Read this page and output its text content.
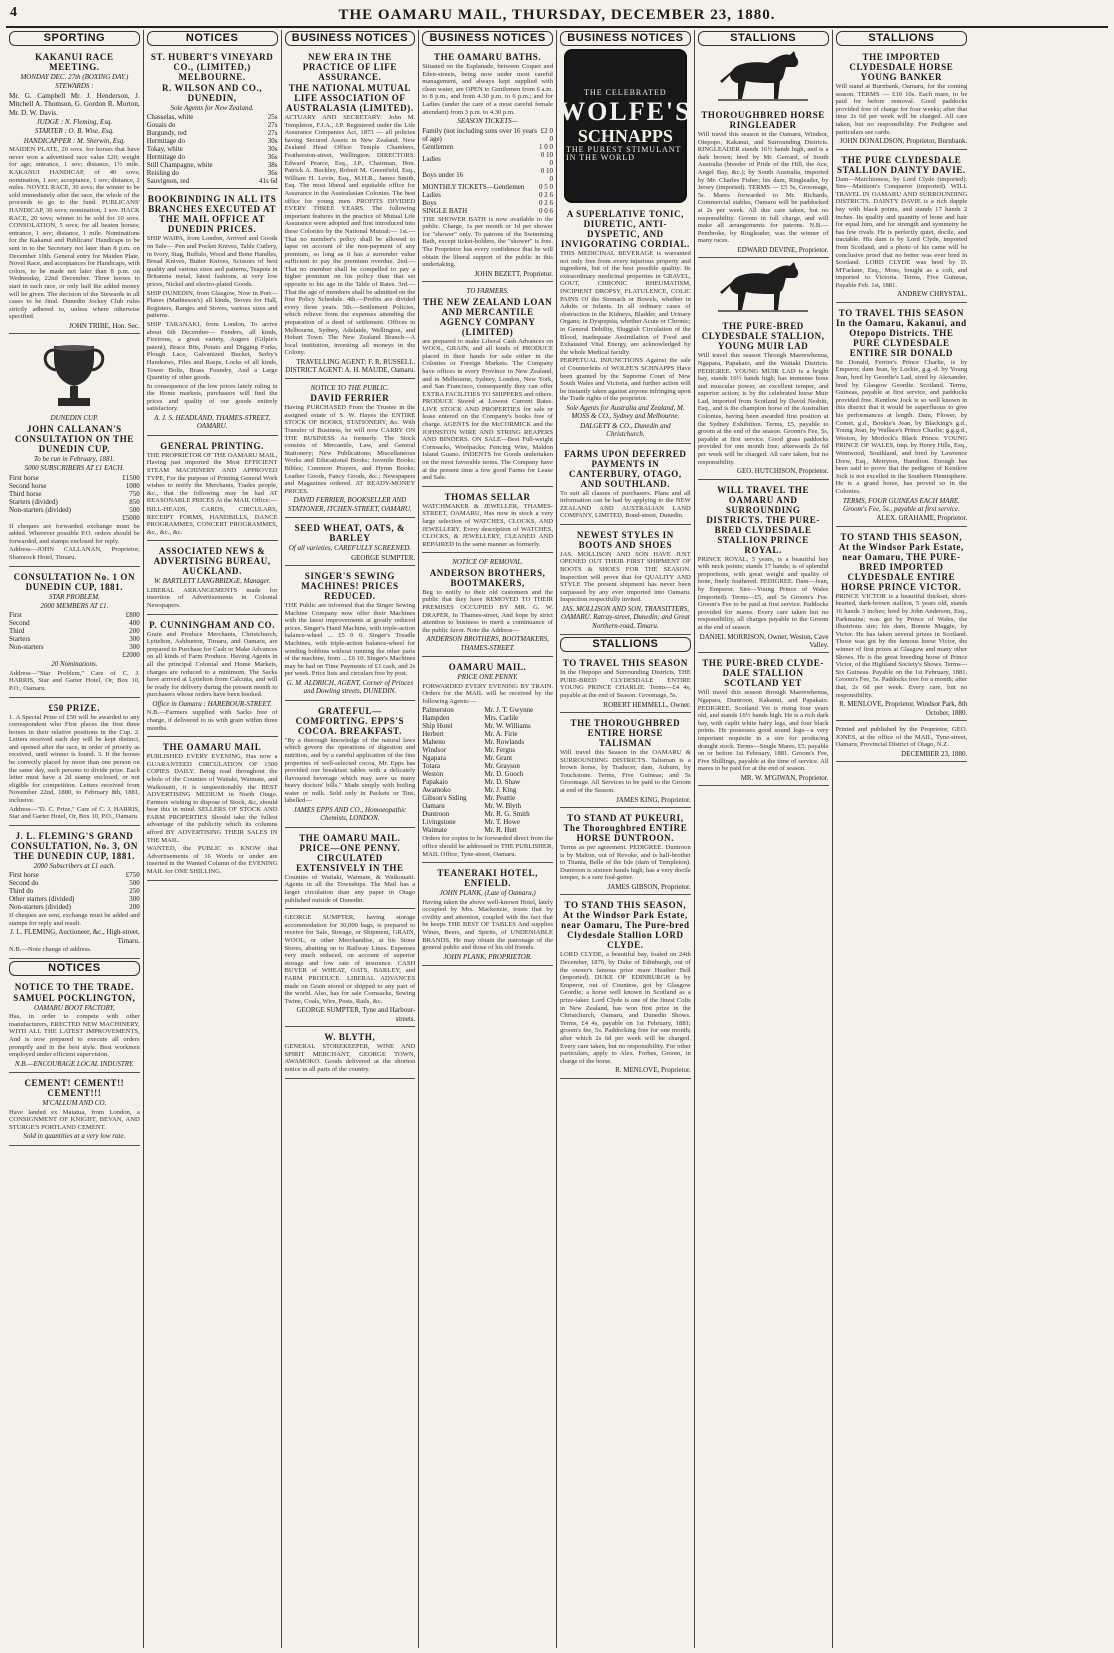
4	THE OAMARU MAIL, THURSDAY, DECEMBER 23, 1880.
SPORTING
KAKANUI RACE MEETING.
MONDAY DEC. 27th (BOXING DAY.)
STEWARDS :

Mr. G. Campbell Mr. J. Henderson, J. Mitchell A. Thomson, G. Gordon R. Morton, Mr. D. W. Davis.

JUDGE : N. Fleming, Esq.
STARTER : O. B. Wise, Esq.
HANDICAPPER : M. Sherwin, Esq.

MAIDEN PLATE, 20 sovs. for horses that have never won a advertised race value £20; weight for age; entrance, 1 sov; distance, 1½ mile. KAKANUI HANDICAP, of 40 sovs; nomination, 1 sov; acceptance, 1 sov; distance, 2 miles. NOVEL RACE, 30 sovs; the winner to be sold immediately after the race, the whole of the proceeds to go to the fund. PUBLICANS' HANDICAP, 30 sovs; nomination, 1 sov. HACK RACE, 20 sovs; winner to be sold for 10 sovs. CONSOLATION, 5 sovs; for all beaten horses; entrance, 1 sov; distance, 1 mile. Nominations for the Kakanui and Publicans' Handicaps to be sent in to the Secretary not later than 8 p.m. on December 10th. General entry for Maiden Plate, Novel Race, and acceptances for Handicaps, with colors, to be made not later than 8 p.m. on Wednesday, 22nd December. Three horses to start in each race, or only half the added money will be given. The decision of the Stewards in all cases to be final. Dunedin Jockey Club rules strictly adhered to, unless where otherwise specified.

JOHN TRIBE, Hon. Sec.
DUNEDIN CUP.
JOHN CALLANAN'S CONSULTATION ON THE DUNEDIN CUP.
To be run in February, 1881.
5000 SUBSCRIBERS AT £1 EACH.
First horse	£1500
Second horse	1000
Third horse	750
Starters (divided)	850
Non-starters (divided)	500
	£5000

If cheques are forwarded exchange must be added. Wherever possible P.O. orders should be forwarded, and stamps enclosed for reply.

Address—JOHN CALLANAN, Proprietor, Shamrock Hotel, Timaru.

CONSULTATION No. 1 ON DUNEDIN CUP, 1881.
STAR PROBLEM.
2000 MEMBERS AT £1.
First	£800
Second	400
Third	200
Starters	300
Non-starters	300
	£2000
20 Nominations.

Address—"Star Problem," Care of C. J. HARRIS, Star and Garter Hotel, Or, Box 10, P.O., Oamaru.

£50 PRIZE.

1. A Special Prize of £50 will be awarded to any correspondent who First places the first three horses in their relative positions in the Cup. 2. Letters received each day will be kept distinct, and opened after the race, in order of priority as received, until winner is found. 3. If the horses be correctly placed by more than one person on the same day, such persons to divide prize. Each letter must have a 2d stamp enclosed, or not eligible for competition. Letters received from November 22nd, 1880, to February 8th, 1881, inclusive.

Address—"D. C. Prize," Care of C. J. HARRIS, Star and Garter Hotel, Or, Box 10, P.O., Oamaru.

J. L. FLEMING'S GRAND CONSULTATION, No. 3, ON THE DUNEDIN CUP, 1881.
2000 Subscribers at £1 each.
First horse	£750
Second do	500
Third do	250
Other starters (divided)	300
Non-starters (divided)	200

If cheques are sent, exchange must be added and stamps for reply and result.

J. L. FLEMING, Auctioneer, &c., High-street, Timaru.

N.B.—Note change of address.

NOTICES
NOTICE TO THE TRADE.
SAMUEL POCKLINGTON,
OAMARU BOOT FACTORY,

Has, in order to compete with other manufacturers, ERECTED NEW MACHINERY, WITH ALL THE LATEST IMPROVEMENTS, And is now prepared to execute all orders promptly and in the best style. Best workmen employed under efficient supervision.

N.B.—ENCOURAGE LOCAL INDUSTRY.
CEMENT! CEMENT!! CEMENT!!!
M'CALLUM AND CO.

Have landed ex Matatua, from London, a CONSIGNMENT OF KNIGHT, BEVAN, AND STURGE'S PORTLAND CEMENT.

Sold in quantities at a very low rate.
NOTICES
ST. HUBERT'S VINEYARD CO., (LIMITED,) MELBOURNE.
R. WILSON AND CO., DUNEDIN,
Sole Agents for New Zealand.
Chasselas, white	25s
Gouais do	27s
Burgundy, red	27s
Hermitage do	30s
Tokay, white	30s
Hermitage do	36s
Still Champagne, white	38s
Reisling do	36s
Sauvignon, red	41s 6d
BOOKBINDING IN ALL ITS BRANCHES EXECUTED AT THE MAIL OFFICE AT DUNEDIN PRICES.

SHIP WAIPA, from London, Arrived and Goods on Sale— Pen and Pocket Knives, Table Cutlery, in Ivory, Stag, Buffalo, Wood and Bone Handles, Bread Knives, Butter Knives, Scissors of best quality and various sizes and patterns, Teapots in Britannia metal, latest fashions, at very low prices, Nickel and electro-plated Goods.

SHIP DUNEDIN, from Glasgow, Now in Port— Planes (Mathieson's) all kinds, Stoves for Hall, Registers, Ranges and Stoves, various sizes and patterns.

SHIP TARANAKI, from London, To arrive about 6th December— Fenders, all kinds, Fireirons, a great variety, Augers (Gilpin's patent), Brace Bits, Potato and Digging Forks, Plough Lace, Galvanized Bucket, Serby's Handsaws, Files and Rasps, Locks of all kinds, Tower Bolts, Brass Foundry, And a Large Quantity of other goods.

In consequence of the low prices lately ruling in the Home markets, purchasers will find the prices and quality of our goods entirely satisfactory.

A. J. S. HEADLAND, THAMES-STREET, OAMARU.
GENERAL PRINTING.

THE PROPRIETOR OF THE OAMARU MAIL, Having just imported the Most EFFICIENT STEAM MACHINERY AND APPROVED TYPE, For the purpose of Printing General Work wishes to notify the Merchants, Trades people, &c., that the following may be had AT REASONABLE PRICES At the MAIL Office:—

BILL-HEADS, CARDS, CIRCULARS, RECEIPT FORMS, HANDBILLS, DANCE PROGRAMMES, CONCERT PROGRAMMES, &c., &c., &c.

ASSOCIATED NEWS & ADVERTISING BUREAU, AUCKLAND.
W. BARTLETT LANGBRIDGE, Manager.

LIBERAL ARRANGEMENTS made for insertion of Advertisements in Colonial Newspapers.

P. CUNNINGHAM AND CO.

Grain and Produce Merchants, Christchurch, Lyttelton, Ashburton, Timaru, and Oamaru, are prepared to Purchase for Cash or Make Advances on all kinds of Farm Produce. Having Agents in all the principal Colonial and Home Markets, charges are reduced to a minimum. The Sacks have arrived at Lyttelton from Calcutta, and will be ready for delivery during the present month to purchasers whose orders have been booked.

Office in Oamaru : HAREBOUR-STREET.

N.B.—Farmers supplied with Sacks free of charge, if delivered to us with grain within three months.

THE OAMARU MAIL

PUBLISHED EVERY EVENING, Has now a GUARANTEED CIRCULATION OF 1500 COPIES DAILY. Being read throughout the whole of the Counties of Waitaki, Waimate, and Waikouaiti, it is unquestionably the BEST ADVERTISING MEDIUM in North Otago. Farmers wishing to dispose of Stock, &c, should bear this in mind. SELLERS OF STOCK AND FARM PROPERTIES Should take the fullest advantage of the publicity which its columns afford BY ADVERTISING THEIR SALES IN THE MAIL.

WANTED, the PUBLIC to KNOW that Advertisements of 16 Words or under are inserted in the Wanted Column of the EVENING MAIL for ONE SHILLING.

BUSINESS NOTICES
NEW ERA IN THE PRACTICE OF LIFE ASSURANCE.
THE NATIONAL MUTUAL LIFE ASSOCIATION OF AUSTRALASIA (LIMITED).

ACTUARY AND SECRETARY: John M. Templeton, F.I.A., J.P. Registered under the Life Assurance Companies Act, 1873 — all policies having Secured Assets in New Zealand. New Zealand Head Office: Temple Chambers, Featherston-street, Wellington. DIRECTORS: Edward Pearce, Esq., J.P., Chairman, Hon. Patrick A. Buckley, Robert M. Greenfield, Esq., William H. Levin, Esq., M.H.R., James Smith, Esq. The most liberal and equitable office for Assurance in the Australasian Colonies. The best office for young men. PROFITS DIVIDED EVERY THREE YEARS. The following important features in the practice of Mutual Life Assurance were adopted and first introduced into these Colonies by the National Mutual:— 1st.—That no member's policy shall be allowed to lapse on account of the non-payment of any premium, so long as it has a surrender value sufficient to pay the premium overdue. 2nd.—That no member shall be compelled to pay a higher premium on his policy than that set opposite to his age in the Table of Rates. 3rd.—That the age of members shall be admitted on the first Policy Schedule. 4th.—Profits are divided every three years. 5th.—Settlement Policies, which relieve from the expenses attending the preparation of a deed of settlement. Offices in Melbourne, Sydney, Adelaide, Wellington, and Hobart Town. The New Zealand Branch—A local institution, investing all moneys in the Colony.

TRAVELLING AGENT: F. R. RUSSELL. DISTRICT AGENT: A. H. MAUDE, Oamaru.
NOTICE TO THE PUBLIC.
DAVID FERRIER

Having PURCHASED From the Trustee in the assigned estate of S. W. Hayes the ENTIRE STOCK OF BOOKS, STATIONERY, &c. With Transfer of Business, he will now CARRY ON THE BUSINESS As formerly. The Stock consists of Mercantile, Law, and General Stationery; New Publications; Miscellaneous Works and Educational Books; Juvenile Books; Bibles; Common Prayers, and Hymn Books; Leather Goods, Fancy Goods, &c.; Newspapers and Magazines ordered. AT READY-MONEY PRICES.

DAVID FERRIER, BOOKSELLER AND STATIONER, ITCHEN-STREET, OAMARU.
SEED WHEAT, OATS, & BARLEY
Of all varieties, CAREFULLY SCREENED.
GEORGE SUMPTER.
SINGER'S SEWING MACHINES! PRICES REDUCED.

THE Public are informed that the Singer Sewing Machine Company now offer their Machines with the latest improvements at greatly reduced prices. Singer's Hand Machine, with triple-action balance-wheel ... £5 0 0. Singer's Treadle Machines, with triple-action balance-wheel for winding bobbins without running the other parts of the machine, from ... £6 10. Singer's Machines may be had on Time Payments of £1 cash, and 2s per week. Price lists and circulars free by post.

G. M. ALDRICH, AGENT, Corner of Princes and Dowling streets, DUNEDIN.
GRATEFUL—COMFORTING. EPPS'S COCOA. BREAKFAST.

"By a thorough knowledge of the natural laws which govern the operations of digestion and nutrition, and by a careful application of the fine properties of well-selected cocoa, Mr. Epps has provided our breakfast tables with a delicately flavoured beverage which may save us many heavy doctors' bills." Made simply with boiling water or milk. Sold only in Packets or Tins, labelled—

JAMES EPPS AND CO., Homoeopathic Chemists, LONDON.
THE OAMARU MAIL. PRICE—ONE PENNY. CIRCULATED EXTENSIVELY IN THE

Counties of Waitaki, Waimate, & Waikouaiti. Agents in all the Townships. The Mail has a larger circulation than any paper in Otago published outside of Dunedin.

GEORGE SUMPTER, having storage accommodation for 30,000 bags, is prepared to receive for Sale, Storage, or Shipment, GRAIN, WOOL, or other Merchandise, at his Stone Stores, abutting on to Railway Lines. Expenses very much reduced, on account of superior storage and low rate of insurance. CASH BUYER of WHEAT, OATS, BARLEY, and FARM PRODUCE. LIBERAL ADVANCES made on Grain stored or shipped to any part of the world. Also, has for sale Cornsacks, Sewing Twine, Coals, Wire, Posts, Rails, &c.

GEORGE SUMPTER, Tyne and Harbour-streets.
W. BLYTH,

GENERAL STOREKEEPER, WINE AND SPIRIT MERCHANT, GEORGE TOWN, AWAMOKO. Goods delivered at the shortest notice in all parts of the country.

BUSINESS NOTICES
THE OAMARU BATHS.

Situated on the Esplanade, between Coquet and Eden-streets, being now under most careful management, and always kept supplied with clean water, are OPEN to Gentlemen from 6 a.m. to 8 p.m., and from 4.30 p.m. to 6 p.m.; and for Ladies (under the care of a most careful female attendant) from 3 p.m. to 4.30 p.m.

SEASON TICKETS—
Family (not including sons over 16 years of age)	£2 0 0
Gentlemen	1 0 0
Ladies	0 10 0
Boys under 16	0 10 0
MONTHLY TICKETS—Gentlemen	0 5 0
Ladies	0 2 6
Boys	0 2 6
SINGLE BATH	0 0 6

THE SHOWER BATH is now available to the public. Charge, 1s per month or 1d per shower for "shower" only. To patrons of the Swimming Bath, except ticket-holders, the "shower" is free. The Proprietor has every confidence that he will obtain the liberal support of the public in this undertaking.

JOHN BEZETT, Proprietor.
TO FARMERS.
THE NEW ZEALAND LOAN AND MERCANTILE AGENCY COMPANY (LIMITED)

are prepared to make Liberal Cash Advances on WOOL, GRAIN, and all kinds of PRODUCE placed in their hands for sale either in the Colonies or Foreign Markets. The Company have offices in every Province in New Zealand, and in Melbourne, Sydney, London, New York, and San Francisco, consequently they can offer EXTRA FACILITIES TO SHIPPERS and others. PRODUCE Stored at Lowest Current Rates. LIVE STOCK AND PROPERTIES for sale or lease entered on the Company's books free of charge. AGENTS for the McCORMICK and the JOHNSTON WIRE AND STRING REAPERS AND BINDERS. ON SALE—Best Full-weight Cornsacks, Woolpacks; Fencing Wire, Maldon Island Guano. INDENTS for Goods undertaken on the most favorable terms. The Company have at the present time a few good Farms for Lease and Sale.

THOMAS SELLAR

WATCHMAKER & JEWELLER, THAMES-STREET, OAMARU, Has now in stock a very large selection of WATCHES, CLOCKS, AND JEWELLERY. Every description of WATCHES, CLOCKS, & JEWELLERY, CLEANED AND REPAIRED In the same manner as formerly.

NOTICE OF REMOVAL.
ANDERSON BROTHERS, BOOTMAKERS,

Beg to notify to their old customers and the public that they have REMOVED TO THEIR PREMISES OCCUPIED BY MR. G. W. DRAPER, In Thames-street, And hope by strict attention to business to merit a continuance of the public favor. Note the Address—

ANDERSON BROTHERS, BOOTMAKERS, THAMES-STREET.
OAMARU MAIL.
PRICE ONE PENNY.

FORWARDED EVERY EVENING BY TRAIN. Orders for the MAIL will be received by the following Agents:—

Palmerston	Mr. J. T. Gwynne
Hampden	Mrs. Carlile
Ship Hotel	Mr. W. Williams
Herbert	Mr. A. Firie
Maheno	Mr. Rowlands
Windsor	Mr. Fergus
Ngapara	Mr. Grant
Totara	Mr. Grayson
Weston	Mr. D. Gooch
Papakaio	Mr. D. Shaw
Awamoko	Mr. J. King
Gibson's Siding	Mr. Peattie
Oamaru	Mr. W. Blyth
Duntroon	Mr. R. G. Smith
Livingstone	Mr. T. Howe
Waimate	Mr. R. Hutt

Orders for copies to be forwarded direct from the office should be addressed to THE PUBLISHER, MAIL Office, Tyne-street, Oamaru.

TEANERAKI HOTEL, ENFIELD.
JOHN PLANK, (Late of Oamaru,)

Having taken the above well-known Hotel, lately occupied by Mrs. Mackenzie, trusts that by civility and attention, coupled with the fact that he keeps THE BEST OF TABLES And supplies Wines, Beers, and Spirits, of UNDENIABLE BRANDS, He may obtain the patronage of the general public and those of his old friends.

JOHN PLANK, PROPRIETOR.
BUSINESS NOTICES
THE CELEBRATED
WOLFE'S
SCHNAPPS
THE PUREST STIMULANT IN THE WORLD
A SUPERLATIVE TONIC, DIURETIC, ANTI-DYSPETIC, AND INVIGORATING CORDIAL.

THIS MEDICINAL BEVERAGE is warranted not only free from every injurious property and ingredient, but of the best possible quality. Its extraordinary medicinal properties in GRAVEL, GOUT, CHRONIC RHEUMATISM, INCIPIENT DROPSY, FLATULENCE, COLIC PAINS Of the Stomach or Bowels, whether in Adults or Infants. In all ordinary cases of obstruction in the Kidneys, Bladder, and Urinary Organs; in Dyspepsia, whether Acute or Chronic; in General Debility, Sluggish Circulation of the Blood, inadequate Assimilation of Food and Exhausted Vital Energy, are acknowledged by the whole Medical faculty.

PERPETUAL INJUNCTIONS Against the sale of Counterfeits of WOLFE'S SCHNAPPS Have been granted by the Supreme Court of New South Wales and Victoria, and further action will be instantly taken against anyone infringing upon the Trade rights of the proprietor.

Sole Agents for Australia and Zealand, M. MOSS & CO., Sydney and Melbourne.
DALGETY & CO., Dunedin and Christchurch.
FARMS UPON DEFERRED PAYMENTS IN CANTERBURY, OTAGO, AND SOUTHLAND.

To suit all classes of purchasers. Plans and all information can be had by applying to the NEW ZEALAND AND AUSTRALIAN LAND COMPANY, LIMITED, Bond-street, Dunedin.

NEWEST STYLES IN BOOTS AND SHOES

JAS. MOLLISON AND SON HAVE JUST OPENED OUT THEIR FIRST SHIPMENT OF BOOTS & SHOES FOR THE SEASON. Inspection will prove that for QUALITY AND STYLE The present shipment has never been surpassed by any ever imported into Oamaru. Inspection respectfully invited.

JAS. MOLLISON AND SON, TRANSITTERS, OAMARU. Ratray-street, Dunedin; and Great Northern-road, Timaru.
STALLIONS
TO TRAVEL THIS SEASON

In the Otepopo and Surrounding Districts, THE PURE-BRED CLYDESDALE ENTIRE YOUNG PRINCE CHARLIE. Terms—£4 4s, payable at the end of Season. Groomage, 5s.

ROBERT HEMMELL, Owner.
THE THOROUGHBRED ENTIRE HORSE TALISMAN

Will travel this Season in the OAMARU & SURROUNDING DISTRICTS. Talisman is a brown horse, by Traducer, dam, Auburn, by Touchstone. Terms, Five Guineas; and 5s Groomage. All Services to be paid to the Groom at end of the Season.

JAMES KING, Proprietor.
TO STAND AT PUKEURI, The Thoroughbred ENTIRE HORSE DUNTROON.

Terms as per agreement. PEDIGREE. Duntroon is by Malton, out of Revoke, and is half-brother to Titania, Belle of the Isle (dam of Templeton). Duntroon is sixteen hands high, has a very docile temper, is a sure foal-getter.

JAMES GIBSON, Proprietor.
TO STAND THIS SEASON, At the Windsor Park Estate, near Oamaru, The Pure-bred Clydesdale Stallion LORD CLYDE.

LORD CLYDE, a beautiful bay, foaled on 24th December, 1876, by Duke of Edinburgh, out of the owner's famous prize mare Heather Bell (imported). DUKE OF EDINBURGH is by Emperor, out of Countess, got by Glasgow Geordie; a horse well known in Scotland as a prize-taker. Lord Clyde is one of the finest Colts in New Zealand, has won first prize in the Christchurch, Oamaru, and Dunedin Shows. Terms, £4 4s, payable on 1st February, 1881; groom's fee, 5s. Paddocking free for one month; after which 2s 6d per week will be charged. Every care taken, but no responsibility. For other particulars, apply to Alex. Forbes, Groom, in charge of the horse.

R. MENLOVE, Proprietor.
STALLIONS
THOROUGHBRED HORSE RINGLEADER

Will travel this season in the Oamaru, Windsor, Otepopo, Kakanui, and Surrounding Districts. RINGLEADER stands 16½ hands high, and is a dark brown; bred by Mr. Gerrard, of South Australia (breeder of Pride of the Hill, the Ace, Angel Bay, &c.); by South Australia, imported by Mr. Charles Fisher; his dam, Ringleader, by Jersey (imported). TERMS — £5 5s, Groomage, 5s. Mares forwarded to Mr. Richards, Commercial stables, Oamaru will be paddocked at 2s per week. All due care taken, but no responsibility. Groom in full charge, and will make all arrangements for patrons. N.B.—Pembroke, by Ringleader, was the winner of many races.

EDWARD DEVINE, Proprietor.
THE PURE-BRED CLYDESDALE STALLION, YOUNG MUIR LAD

Will travel this season Through Maerewhenua, Ngapara, Papakaio, and the Waitaki Districts. PEDIGREE. YOUNG MUIR LAD is a bright bay, stands 16½ hands high; has immense bone and muscular power, an excellent temper, and superior action; is by the celebrated horse Muir Lad, imported from Scotland by David Nesbitt, Esq., and is the champion horse of the Australian Colonies, having been awarded first position at the Sydney Exhibition. Terms, £5, payable to groom at the end of the season. Groom's Fee, 5s, payable at first service. Good grass paddocks provided for one month free; afterwards 2s 6d per week will be charged. All care taken, but no responsibility.

GEO. HUTCHISON, Proprietor.
WILL TRAVEL THE OAMARU AND SURROUNDING DISTRICTS. THE PURE-BRED CLYDESDALE STALLION PRINCE ROYAL.

PRINCE ROYAL, 5 years, is a beautiful bay with neck points; stands 17 hands; is of splendid proportions, with great weight and quality of bone, finely feathered. PEDIGREE. Dam—Jean, by Emperor. Sire—Young Prince of Wales (imported). Terms—£5, and 5s Groom's Fee. Groom's Fee to be paid at first service. Paddocks provided for mares. Every care taken but no responsibility, all charges payable to the Groom at the end of season.

DANIEL MORRISON, Owner, Weston, Cave Valley.
THE PURE-BRED CLYDE-DALE STALLION SCOTLAND YET

Will travel this season through Maerewhenua, Ngapara, Duntroon, Kakanui, and Papakaio. PEDIGREE. Scotland Yet is rising four years old, and stands 16½ hands high. He is a rich dark bay, with caplit white hairy legs, and four black points. He possesses good sound legs—a very important requisite in a sire for producing draught stock. Terms—Single Mares, £5; payable on or before 1st February, 1881. Groom's Fee, Five Shillings, payable at the time of service. All mares to be paid for at the end of season.

MR. W. M'GIWAN, Proprietor.
STALLIONS
THE IMPORTED CLYDESDALE HORSE YOUNG BANKER

Will stand at Burnbank, Oamaru, for the coming season. TERMS — £10 10s. Each mare, to be paid for before removal. Good paddocks provided free of charge for four weeks; after that time 2s 6d per week will be charged. All care taken, but no responsibility. For Pedigree and particulars see cards.

JOHN DONALDSON, Proprietor, Burnbank.
THE PURE CLYDESDALE STALLION DAINTY DAVIE.

Dam—Marchioness, by Lord Clyde (imported). Sire—Mattison's Conqueror (imported). WILL TRAVEL IN OAMARU AND SURROUNDING DISTRICTS. DAINTY DAVIE is a rich dapple bay with black points, and stands 17 hands 2 inches. Its quality and quantity of bone and hair for equal him, and for strength and symmetry he has few rivals. He is perfectly quiet, docile, and tractable. His dam is by Lord Clyde, imported from Scotland, and a photo of his came will be conclusive proof that no better was ever bred in Scotland. LORD CLYDE was bred by D. M'Farlane, Esq., Moss, bought as a colt, and imported to Victoria. Terms, Five Guineas, Payable Feb. 1st, 1881.

ANDREW CHRYSTAL.
TO TRAVEL THIS SEASON In the Oamaru, Kakanui, and Otepopo Districts. THE PURE CLYDESDALE ENTIRE SIR DONALD

Sir Donald, Ferrier's Prince Charlie, is by Emperor, dam Jean, by Lockie, g.g.-d. by Young Jean, bred by Geordie's Lad, sired by Alexander, bred by Glasgow Geordie. Scotland. Terms, Guineas, payable at first service, and paddocks provided free. Kentlow Jock is so well known in this district that it would be superfluous to give his performances at length. Dam, Flower, by Comet, g.d., Bookie's Jean, by Blacking's g.d., Young Jean, by Wallace's Prince Charlie; g.g.g.d., Weston, by Morlock's Black Prince. YOUNG PRINCE OF WALES, imp. by Henry Hills, Esq., Wentwood, Southland, and bred by Lawrence Drew, Esq., Merryton, Hamilton. Enough has been said to prove that the pedigree of Kentlow Jock is not excelled in the Southern Hemisphere. He is a grand horse, has proved so in the Colonies.

TERMS, FOUR GUINEAS EACH MARE. Groom's Fee, 5s., payable at first service.
ALEX. GRAHAME, Proprietor.
TO STAND THIS SEASON, At the Windsor Park Estate, near Oamaru, THE PURE-BRED IMPORTED CLYDESDALE ENTIRE HORSE PRINCE VICTOR.

PRINCE VICTOR is a beautiful thickset, short-hearted, dark-brown stallion, 5 years old, stands 16 hands 3 inches; bred by John Anderson, Esq., Parkmains; was got by Prince of Wales, the illustrious sire; his dam, Bonnie Maggie, by Victor. He has taken several prizes in Scotland. Those was got by the famous horse Victor, the winner of first prizes at Glasgow and many other Shows. He is the great breeding horse of Prince Victor, of the Highland Society's Shows. Terms—Six Guineas. Payable on the 1st February, 1881. Groom's Fee, 5s. Paddocks free for a month; after that, 2s 6d per week. Every care, but no responsibility.

R. MENLOVE, Proprietor. Windsor Park, 8th October, 1880.

Printed and published by the Proprietor, GEO. JONES, at the office of the MAIL, Tyne-street, Oamaru, Provincial District of Otago, N.Z.

DECEMBER 23, 1880.
